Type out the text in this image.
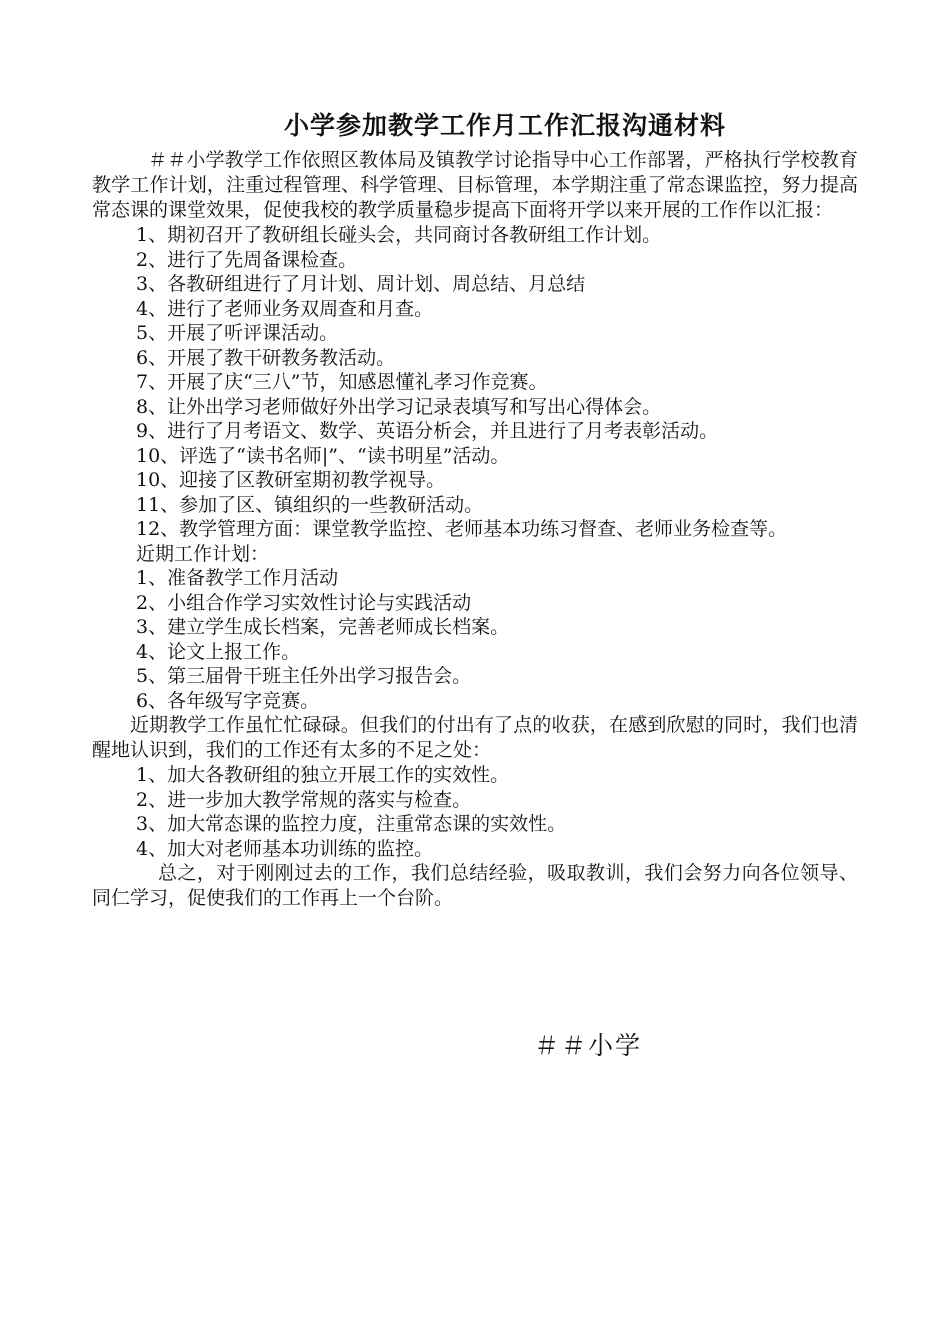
小学参加教学工作月工作汇报沟通材料

＃＃小学教学工作依照区教体局及镇教学讨论指导中心工作部署，严格执行学校教育教学工作计划，注重过程管理、科学管理、目标管理，本学期注重了常态课监控，努力提高常态课的课堂效果，促使我校的教学质量稳步提高下面将开学以来开展的工作作以汇报：

1、期初召开了教研组长碰头会，共同商讨各教研组工作计划。

2、进行了先周备课检查。

3、各教研组进行了月计划、周计划、周总结、月总结

4、进行了老师业务双周查和月查。

5、开展了听评课活动。

6、开展了教干研教务教活动。

7、开展了庆“三八”节，知感恩懂礼孝习作竞赛。

8、让外出学习老师做好外出学习记录表填写和写出心得体会。

9、进行了月考语文、数学、英语分析会，并且进行了月考表彰活动。

10、评选了“读书名师|”、“读书明星”活动。

10、迎接了区教研室期初教学视导。

11、参加了区、镇组织的一些教研活动。

12、教学管理方面：课堂教学监控、老师基本功练习督查、老师业务检查等。

近期工作计划：

1、准备教学工作月活动

2、小组合作学习实效性讨论与实践活动

3、建立学生成长档案，完善老师成长档案。

4、论文上报工作。

5、第三届骨干班主任外出学习报告会。

6、各年级写字竞赛。

近期教学工作虽忙忙碌碌。但我们的付出有了点的收获，在感到欣慰的同时，我们也清醒地认识到，我们的工作还有太多的不足之处：

1、加大各教研组的独立开展工作的实效性。

2、进一步加大教学常规的落实与检查。

3、加大常态课的监控力度，注重常态课的实效性。

4、加大对老师基本功训练的监控。

总之，对于刚刚过去的工作，我们总结经验，吸取教训，我们会努力向各位领导、同仁学习，促使我们的工作再上一个台阶。

＃＃小学
